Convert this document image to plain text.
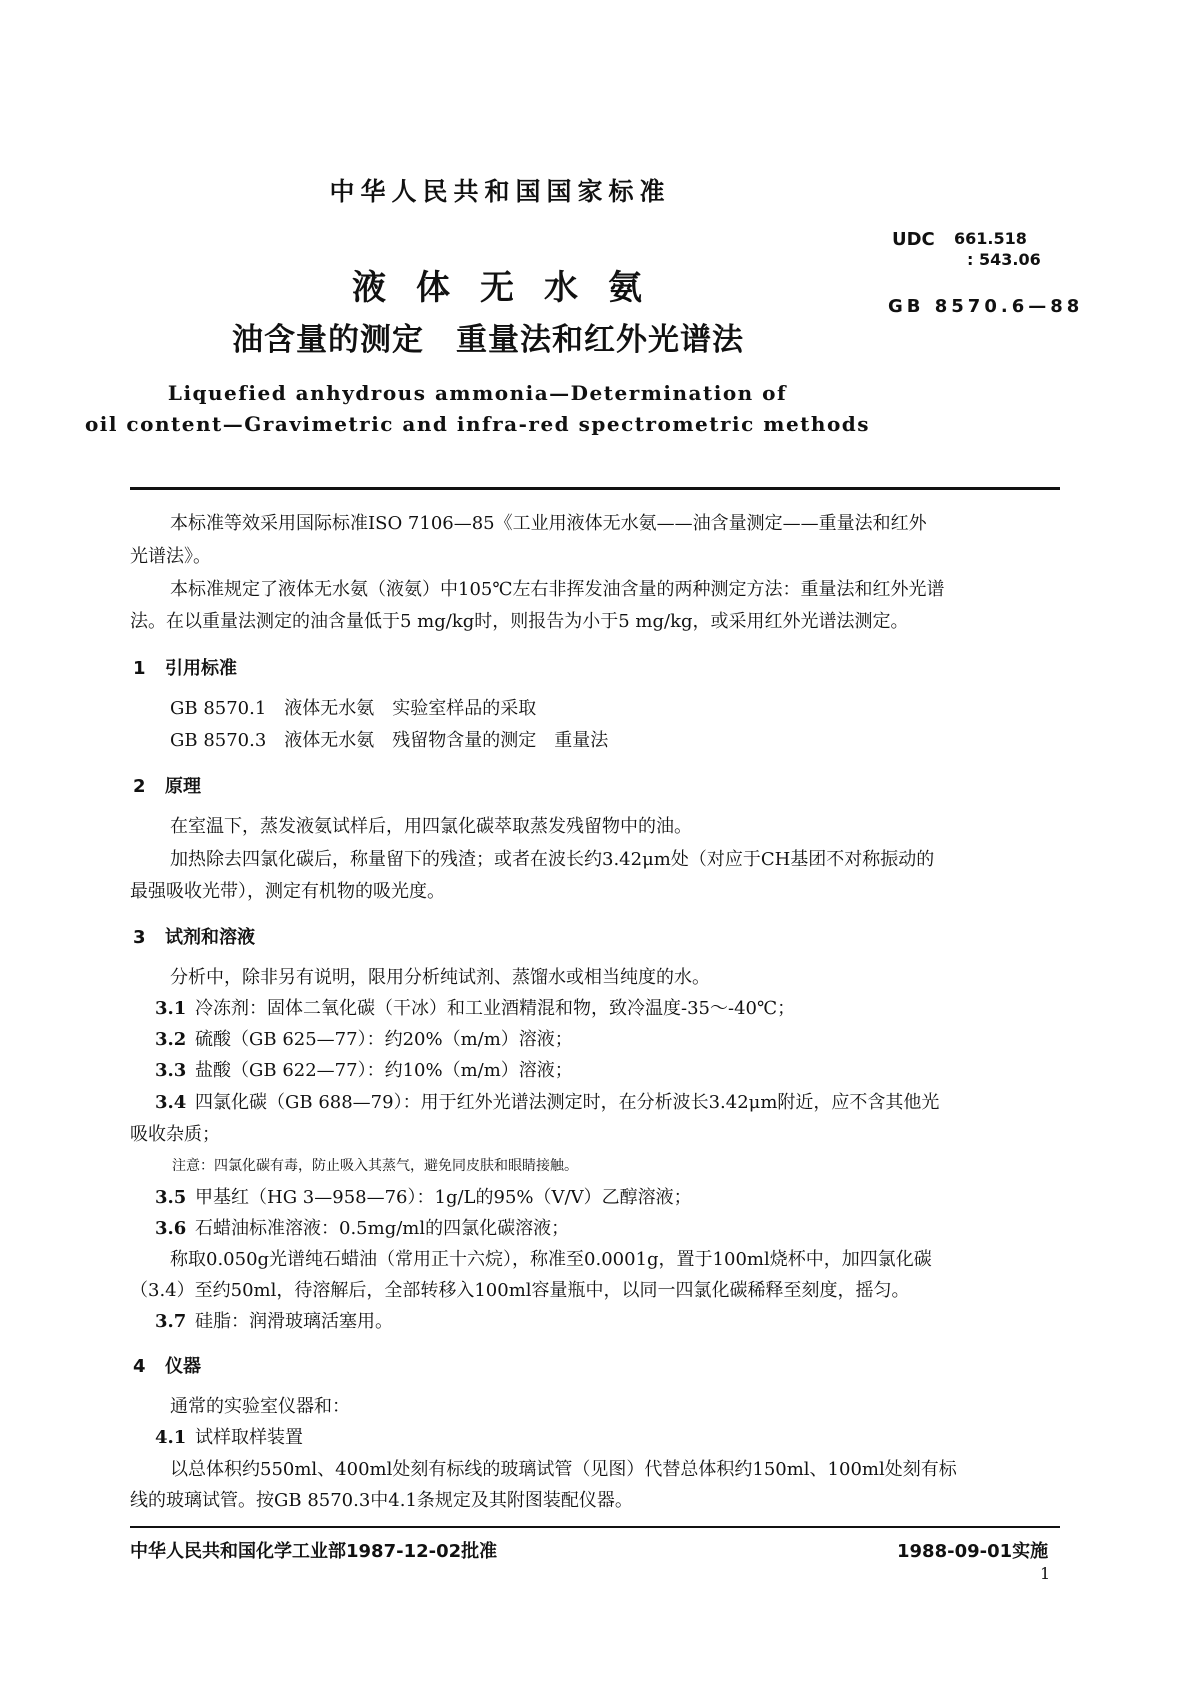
中华人民共和国国家标准
UDC 661.518
: 543.06
液体无水氨
油含量的测定　重量法和红外光谱法
GB 8570.6—88
Liquefied anhydrous ammonia—Determination of
oil content—Gravimetric and infra-red spectrometric methods
本标准等效采用国际标准ISO 7106—85《工业用液体无水氨——油含量测定——重量法和红外
光谱法》。
本标准规定了液体无水氨（液氨）中105℃左右非挥发油含量的两种测定方法：重量法和红外光谱
法。在以重量法测定的油含量低于5 mg/kg时，则报告为小于5 mg/kg，或采用红外光谱法测定。
1 引用标准
GB 8570.1　液体无水氨　实验室样品的采取
GB 8570.3　液体无水氨　残留物含量的测定　重量法
2 原理
在室温下，蒸发液氨试样后，用四氯化碳萃取蒸发残留物中的油。
加热除去四氯化碳后，称量留下的残渣；或者在波长约3.42μm处（对应于CH基团不对称振动的
最强吸收光带），测定有机物的吸光度。
3 试剂和溶液
分析中，除非另有说明，限用分析纯试剂、蒸馏水或相当纯度的水。
3.1 冷冻剂：固体二氧化碳（干冰）和工业酒精混和物，致冷温度-35～-40℃；
3.2 硫酸（GB 625—77）：约20%（m/m）溶液；
3.3 盐酸（GB 622—77）：约10%（m/m）溶液；
3.4 四氯化碳（GB 688—79）：用于红外光谱法测定时，在分析波长3.42μm附近，应不含其他光
吸收杂质；
注意：四氯化碳有毒，防止吸入其蒸气，避免同皮肤和眼睛接触。
3.5 甲基红（HG 3—958—76）：1g/L的95%（V/V）乙醇溶液；
3.6 石蜡油标准溶液：0.5mg/ml的四氯化碳溶液；
称取0.050g光谱纯石蜡油（常用正十六烷），称准至0.0001g，置于100ml烧杯中，加四氯化碳
（3.4）至约50ml，待溶解后，全部转移入100ml容量瓶中，以同一四氯化碳稀释至刻度，摇匀。
3.7 硅脂：润滑玻璃活塞用。
4 仪器
通常的实验室仪器和：
4.1 试样取样装置
以总体积约550ml、400ml处刻有标线的玻璃试管（见图）代替总体积约150ml、100ml处刻有标
线的玻璃试管。按GB 8570.3中4.1条规定及其附图装配仪器。
中华人民共和国化学工业部1987-12-02批准	1988-09-01实施
1
